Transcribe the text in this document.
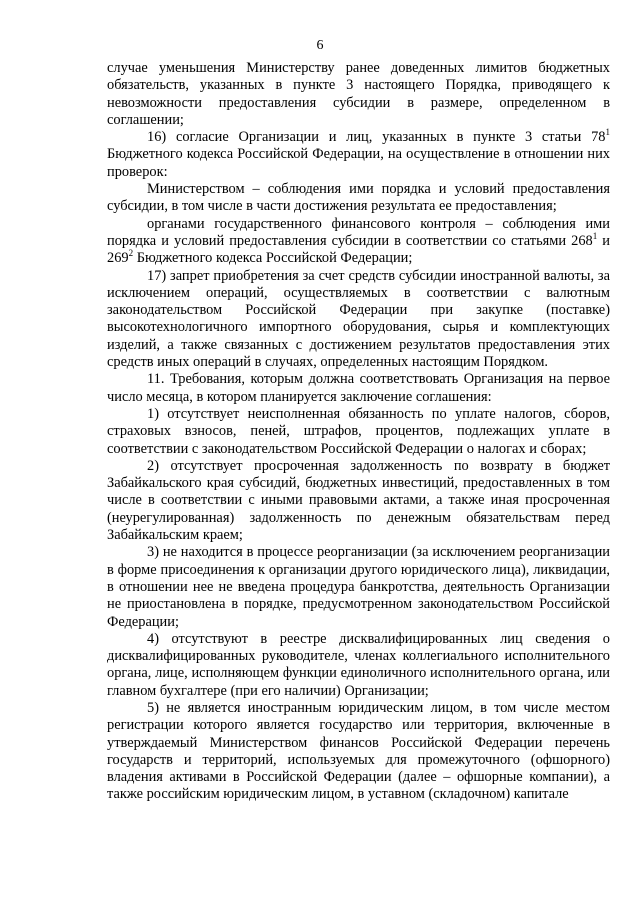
6

случае уменьшения Министерству ранее доведенных лимитов бюджетных обязательств, указанных в пункте 3 настоящего Порядка, приводящего к невозможности предоставления субсидии в размере, определенном в соглашении;

16) согласие Организации и лиц, указанных в пункте 3 статьи $78^1$ Бюджетного кодекса Российской Федерации, на осуществление в отношении них проверок:

Министерством – соблюдения ими порядка и условий предоставления субсидии, в том числе в части достижения результата ее предоставления;

органами государственного финансового контроля – соблюдения ими порядка и условий предоставления субсидии в соответствии со статьями $268^1$ и $269^2$ Бюджетного кодекса Российской Федерации;

17) запрет приобретения за счет средств субсидии иностранной валюты, за исключением операций, осуществляемых в соответствии с валютным законодательством Российской Федерации при закупке (поставке) высокотехнологичного импортного оборудования, сырья и комплектующих изделий, а также связанных с достижением результатов предоставления этих средств иных операций в случаях, определенных настоящим Порядком.

11. Требования, которым должна соответствовать Организация на первое число месяца, в котором планируется заключение соглашения:

1) отсутствует неисполненная обязанность по уплате налогов, сборов, страховых взносов, пеней, штрафов, процентов, подлежащих уплате в соответствии с законодательством Российской Федерации о налогах и сборах;

2) отсутствует просроченная задолженность по возврату в бюджет Забайкальского края субсидий, бюджетных инвестиций, предоставленных в том числе в соответствии с иными правовыми актами, а также иная просроченная (неурегулированная) задолженность по денежным обязательствам перед Забайкальским краем;

3) не находится в процессе реорганизации (за исключением реорганизации в форме присоединения к организации другого юридического лица), ликвидации, в отношении нее не введена процедура банкротства, деятельность Организации не приостановлена в порядке, предусмотренном законодательством Российской Федерации;

4) отсутствуют в реестре дисквалифицированных лиц сведения о дисквалифицированных руководителе, членах коллегиального исполнительного органа, лице, исполняющем функции единоличного исполнительного органа, или главном бухгалтере (при его наличии) Организации;

5) не является иностранным юридическим лицом, в том числе местом регистрации которого является государство или территория, включенные в утверждаемый Министерством финансов Российской Федерации перечень государств и территорий, используемых для промежуточного (офшорного) владения активами в Российской Федерации (далее – офшорные компании), а также российским юридическим лицом, в уставном (складочном) капитале
